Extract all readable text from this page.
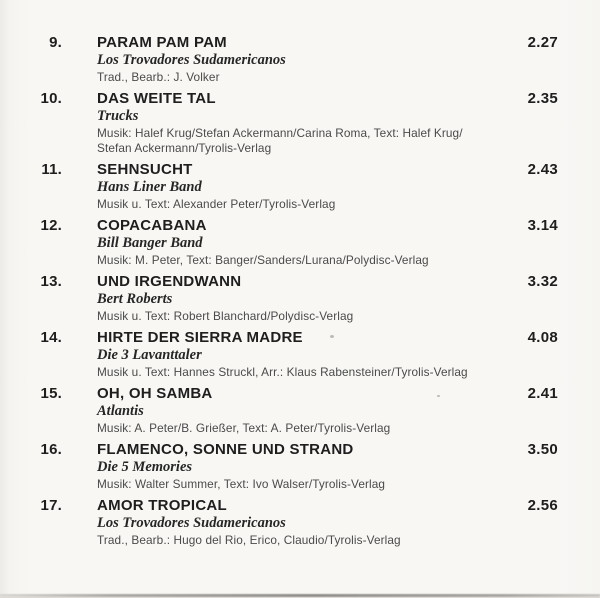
9. PARAM PAM PAM
Los Trovadores Sudamericanos
Trad., Bearb.: J. Volker
2.27
10. DAS WEITE TAL
Trucks
Musik: Halef Krug/Stefan Ackermann/Carina Roma, Text: Halef Krug/
Stefan Ackermann/Tyrolis-Verlag
2.35
11. SEHNSUCHT
Hans Liner Band
Musik u. Text: Alexander Peter/Tyrolis-Verlag
2.43
12. COPACABANA
Bill Banger Band
Musik: M. Peter, Text: Banger/Sanders/Lurana/Polydisc-Verlag
3.14
13. UND IRGENDWANN
Bert Roberts
Musik u. Text: Robert Blanchard/Polydisc-Verlag
3.32
14. HIRTE DER SIERRA MADRE
Die 3 Lavanttaler
Musik u. Text: Hannes Struckl, Arr.: Klaus Rabensteiner/Tyrolis-Verlag
4.08
15. OH, OH SAMBA
Atlantis
Musik: A. Peter/B. Grießer, Text: A. Peter/Tyrolis-Verlag
2.41
16. FLAMENCO, SONNE UND STRAND
Die 5 Memories
Musik: Walter Summer, Text: Ivo Walser/Tyrolis-Verlag
3.50
17. AMOR TROPICAL
Los Trovadores Sudamericanos
Trad., Bearb.: Hugo del Rio, Erico, Claudio/Tyrolis-Verlag
2.56
